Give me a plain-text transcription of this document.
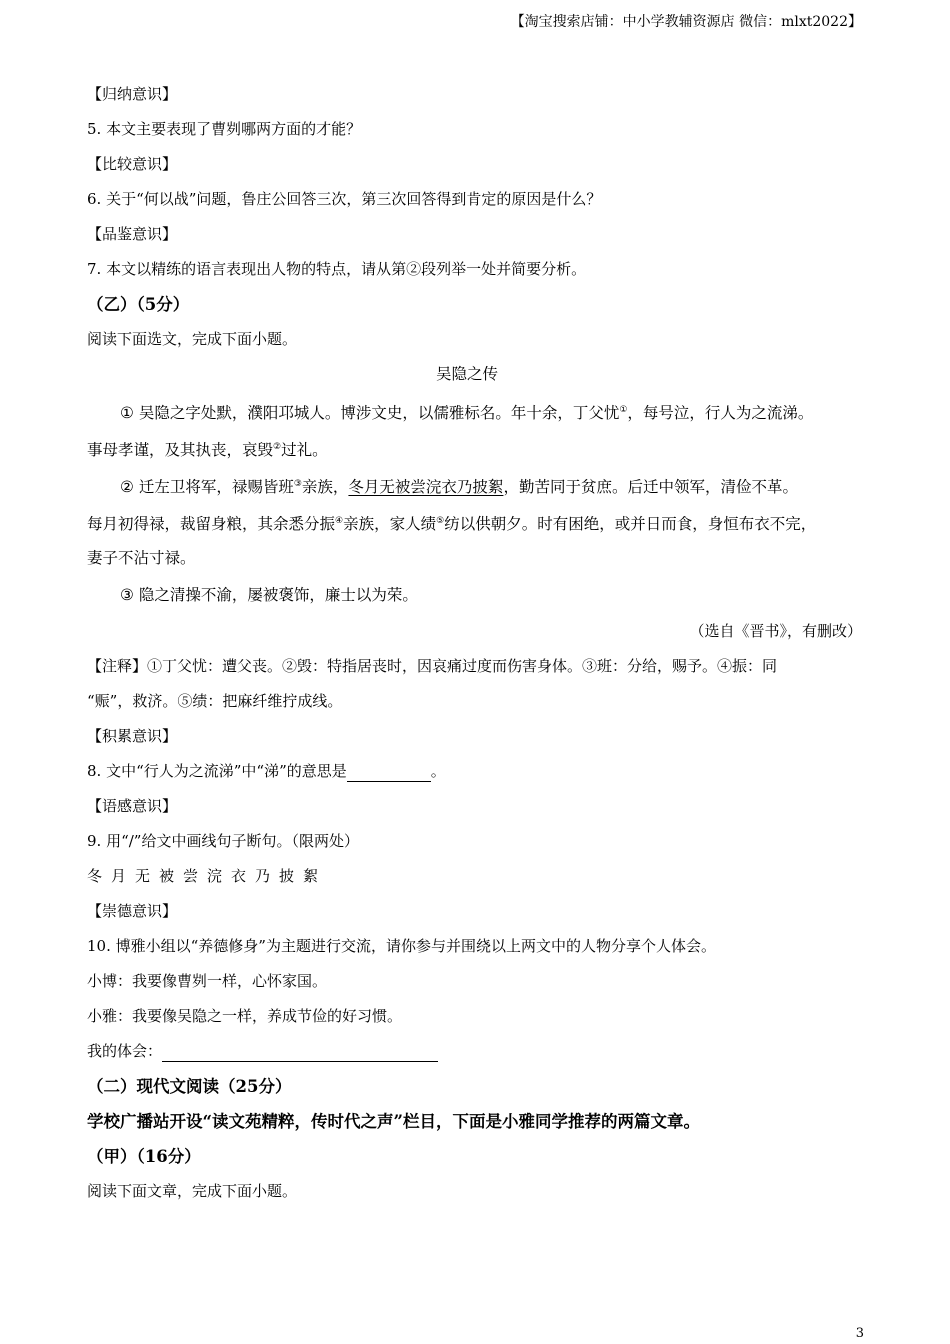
【淘宝搜索店铺：中小学教辅资源店 微信：mlxt2022】
【归纳意识】
5. 本文主要表现了曹刿哪两方面的才能？
【比较意识】
6. 关于“何以战”问题，鲁庄公回答三次，第三次回答得到肯定的原因是什么？
【品鉴意识】
7. 本文以精练的语言表现出人物的特点，请从第②段列举一处并简要分析。
（乙）（5分）
阅读下面选文，完成下面小题。
吴隐之传
① 吴隐之字处默，濮阳邛城人。博涉文史，以儒雅标名。年十余，丁父忧①，每号泣，行人为之流涕。
事母孝谨，及其执丧，哀毁②过礼。
② 迁左卫将军，禄赐皆班③亲族，冬月无被尝浣衣乃披絮，勤苦同于贫庶。后迁中领军，清俭不革。
每月初得禄，裁留身粮，其余悉分振④亲族，家人绩⑤纺以供朝夕。时有困绝，或并日而食，身恒布衣不完，
妻子不沾寸禄。
③ 隐之清操不渝，屡被褒饰，廉士以为荣。
（选自《晋书》，有删改）
【注释】①丁父忧：遭父丧。②毁：特指居丧时，因哀痛过度而伤害身体。③班：分给，赐予。④振：同
“赈”，救济。⑤绩：把麻纤维拧成线。
【积累意识】
8. 文中“行人为之流涕”中“涕”的意思是	。
【语感意识】
9. 用“/”给文中画线句子断句。（限两处）
冬月无被尝浣衣乃披絮
【崇德意识】
10. 博雅小组以“养德修身”为主题进行交流，请你参与并围绕以上两文中的人物分享个人体会。
小博：我要像曹刿一样，心怀家国。
小雅：我要像吴隐之一样，养成节俭的好习惯。
我的体会：
（二）现代文阅读（25分）
学校广播站开设“读文苑精粹，传时代之声”栏目，下面是小雅同学推荐的两篇文章。
（甲）（16分）
阅读下面文章，完成下面小题。
3
